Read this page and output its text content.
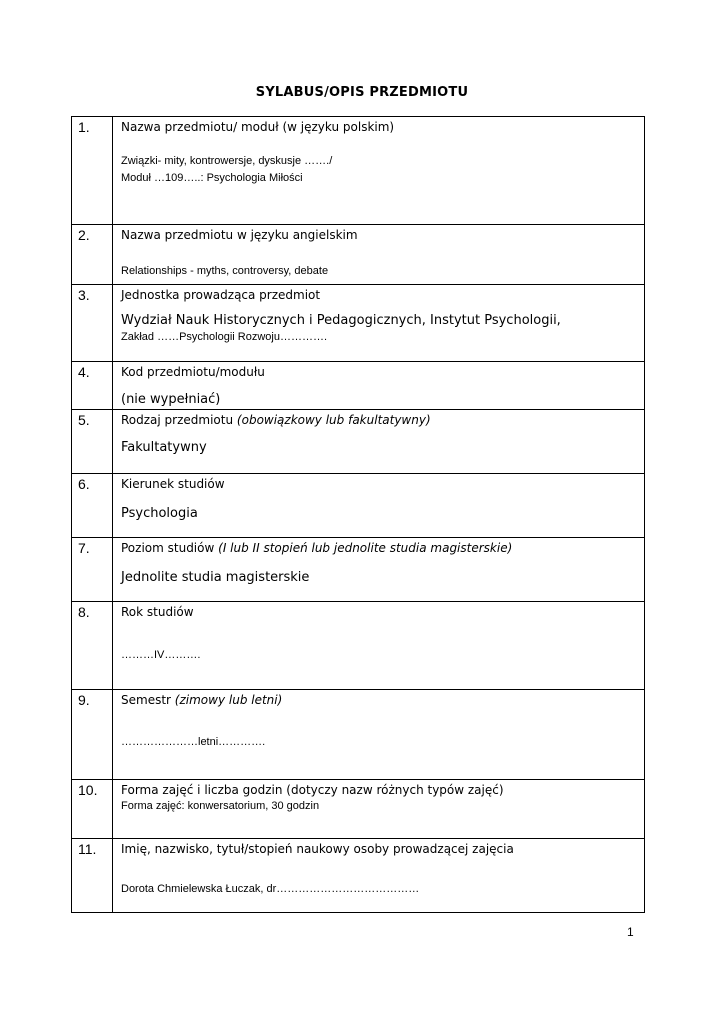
SYLABUS/OPIS PRZEDMIOTU
1.	Nazwa przedmiotu/ moduł (w języku polskim)
Związki- mity, kontrowersje, dyskusje ……./
Moduł …109…..: Psychologia Miłości

2.	Nazwa przedmiotu w języku angielskim
Relationships - myths, controversy, debate

3.	Jednostka prowadząca przedmiot
Wydział Nauk Historycznych i Pedagogicznych, Instytut Psychologii,
Zakład ……Psychologii Rozwoju………….

4.	Kod przedmiotu/modułu
(nie wypełniać)

5.	Rodzaj przedmiotu (obowiązkowy lub fakultatywny)
Fakultatywny

6.	Kierunek studiów
Psychologia

7.	Poziom studiów (I lub II stopień lub jednolite studia magisterskie)
Jednolite studia magisterskie

8.	Rok studiów
………IV……….

9.	Semestr (zimowy lub letni)
…………………letni………….

10.	Forma zajęć i liczba godzin (dotyczy nazw różnych typów zajęć)
Forma zajęć: konwersatorium, 30 godzin

11.	Imię, nazwisko, tytuł/stopień naukowy osoby prowadzącej zajęcia
Dorota Chmielewska Łuczak, dr…………………………………
1
